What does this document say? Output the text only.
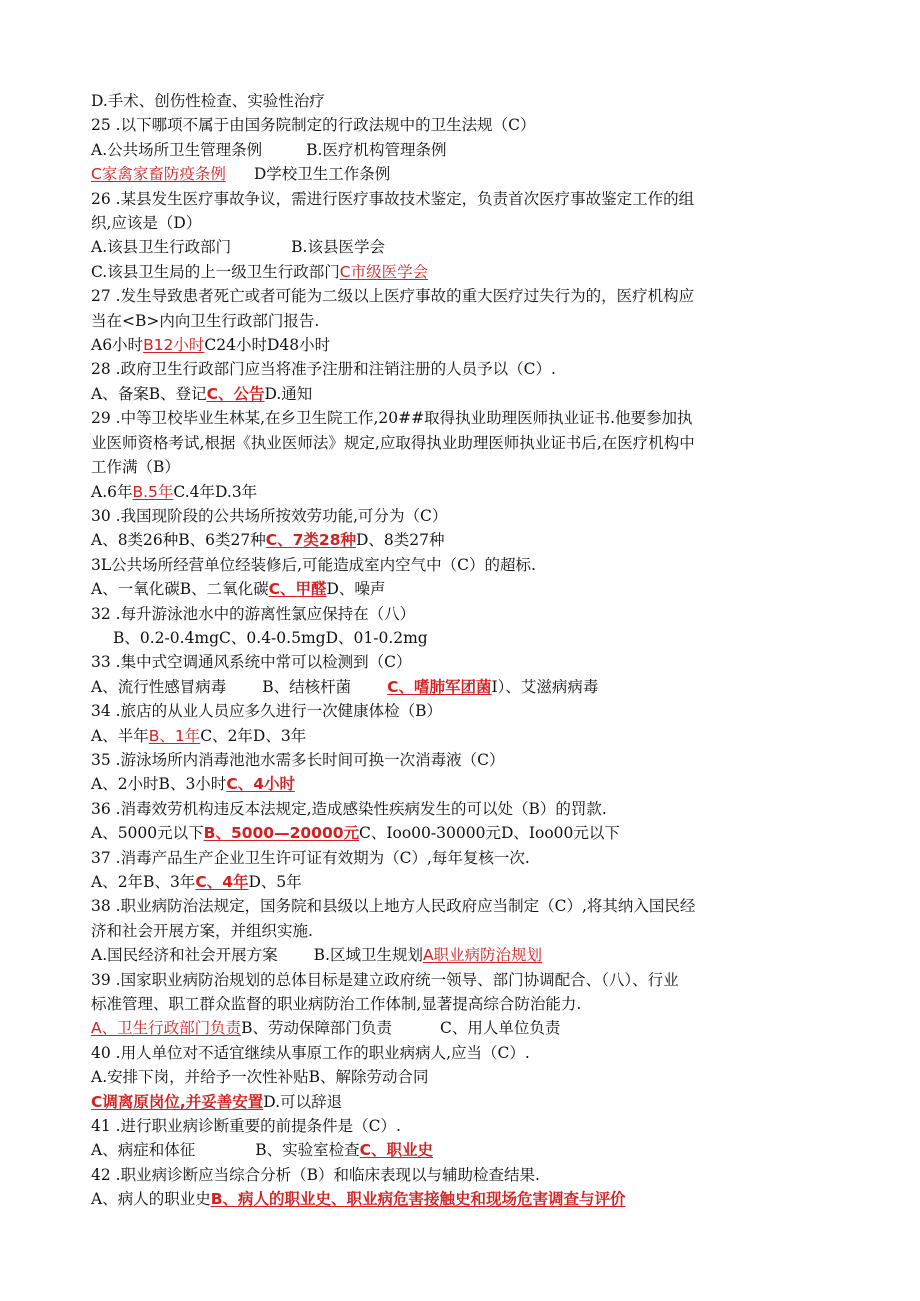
D.手术、创伤性检查、实验性治疗
25 .以下哪项不属于由国务院制定的行政法规中的卫生法规（C）
A.公共场所卫生管理条例	B.医疗机构管理条例
C家禽家畜防疫条例 D学校卫生工作条例
26 .某县发生医疗事故争议，需进行医疗事故技术鉴定，负责首次医疗事故鉴定工作的组
织,应该是（D）
A.该县卫生行政部门	B.该县医学会
C.该县卫生局的上一级卫生行政部门C市级医学会
27 .发生导致患者死亡或者可能为二级以上医疗事故的重大医疗过失行为的，医疗机构应
当在<B>内向卫生行政部门报告.
A6小时B12小时C24小时D48小时
28 .政府卫生行政部门应当将准予注册和注销注册的人员予以（C）.
A、备案B、登记C、公告D.通知
29 .中等卫校毕业生林某,在乡卫生院工作,20##取得执业助理医师执业证书.他要参加执
业医师资格考试,根据《执业医师法》规定,应取得执业助理医师执业证书后,在医疗机构中
工作满（B）
A.6年B.5年C.4年D.3年
30 .我国现阶段的公共场所按效劳功能,可分为（C）
A、8类26种B、6类27种C、7类28种D、8类27种
3L公共场所经营单位经装修后,可能造成室内空气中（C）的超标.
A、一氧化碳B、二氧化碳C、甲醛D、噪声
32 .每升游泳池水中的游离性氯应保持在（八）
B、0.2-0.4mgC、0.4-0.5mgD、01-0.2mg
33 .集中式空调通风系统中常可以检测到（C）
A、流行性感冒病毒 B、结核杆菌 C、嗜肺军团菌I）、艾滋病病毒
34 .旅店的从业人员应多久进行一次健康体检（B）
A、半年B、1年C、2年D、3年
35 .游泳场所内消毒池池水需多长时间可换一次消毒液（C）
A、2小时B、3小时C、4小时
36 .消毒效劳机构违反本法规定,造成感染性疾病发生的可以处（B）的罚款.
A、5000元以下B、5000—20000元C、Ioo00-30000元D、Ioo00元以下
37 .消毒产品生产企业卫生许可证有效期为（C）,每年复核一次.
A、2年B、3年C、4年D、5年
38 .职业病防治法规定，国务院和县级以上地方人民政府应当制定（C）,将其纳入国民经
济和社会开展方案，并组织实施.
A.国民经济和社会开展方案 B.区域卫生规划A职业病防治规划
39 .国家职业病防治规划的总体目标是建立政府统一领导、部门协调配合、（八）、行业
标准管理、职工群众监督的职业病防治工作体制,显著提高综合防治能力.
A、卫生行政部门负责B、劳动保障部门负责	C、用人单位负责
40 .用人单位对不适宜继续从事原工作的职业病病人,应当（C）.
A.安排下岗，并给予一次性补贴B、解除劳动合同
C调离原岗位,并妥善安置D.可以辞退
41 .进行职业病诊断重要的前提条件是（C）.
A、病症和体征	B、实验室检查C、职业史
42 .职业病诊断应当综合分析（B）和临床表现以与辅助检查结果.
A、病人的职业史B、病人的职业史、职业病危害接触史和现场危害调查与评价
